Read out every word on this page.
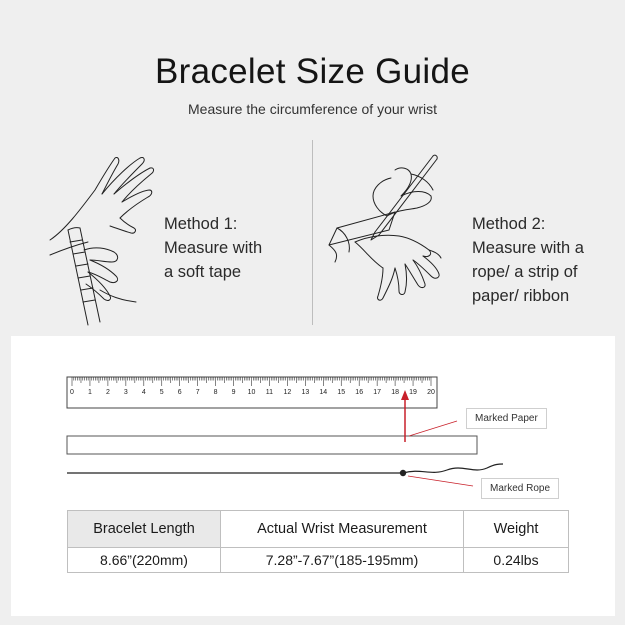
Bracelet Size Guide
Measure the circumference of your wrist
Method 1:
Measure with
a soft tape
Method 2:
Measure with a
rope/ a strip of
paper/ ribbon
0 1 2 3 4 5 6 7 8 9 10 11 12 13 14 15 16 17 18 19 20
Marked Paper
Marked Rope
Bracelet Length	Actual Wrist Measurement	Weight
8.66”(220mm)	7.28”-7.67”(185-195mm)	0.24lbs
